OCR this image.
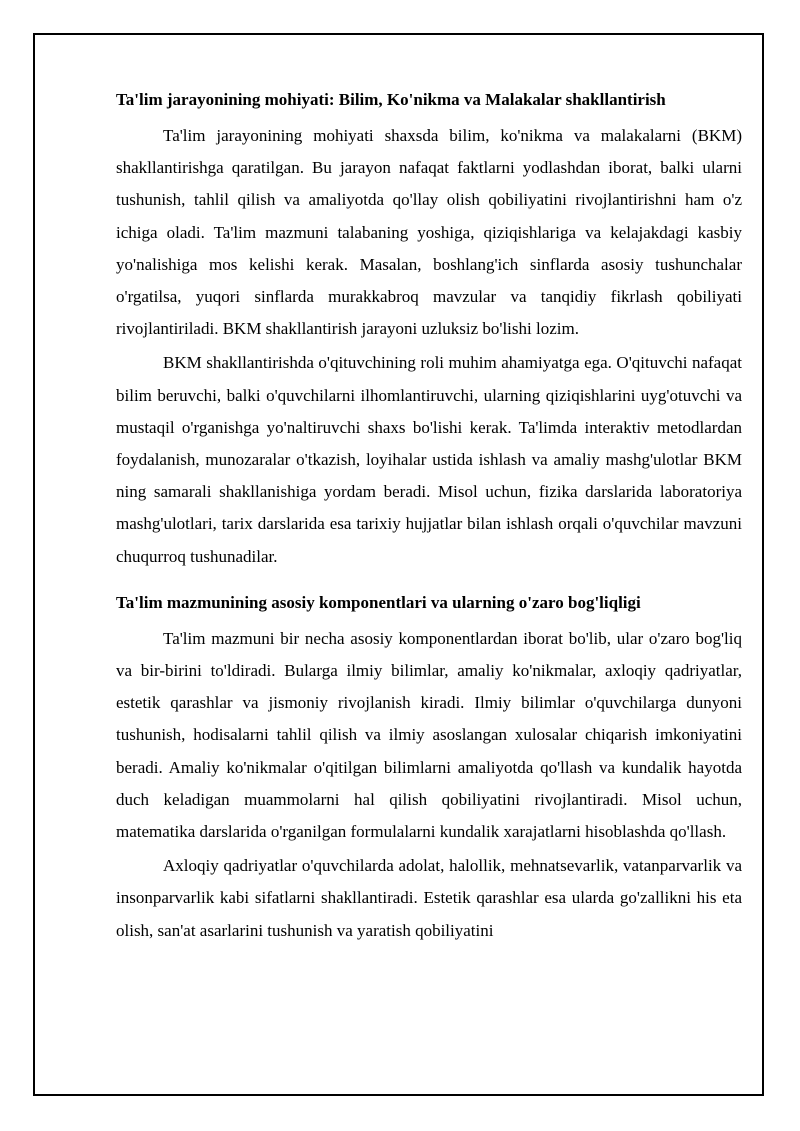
Ta'lim jarayonining mohiyati: Bilim, Ko'nikma va Malakalar shakllantirish

Ta'lim jarayonining mohiyati shaxsda bilim, ko'nikma va malakalarni (BKM) shakllantirishga qaratilgan. Bu jarayon nafaqat faktlarni yodlashdan iborat, balki ularni tushunish, tahlil qilish va amaliyotda qo'llay olish qobiliyatini rivojlantirishni ham o'z ichiga oladi. Ta'lim mazmuni talabaning yoshiga, qiziqishlariga va kelajakdagi kasbiy yo'nalishiga mos kelishi kerak. Masalan, boshlang'ich sinflarda asosiy tushunchalar o'rgatilsa, yuqori sinflarda murakkabroq mavzular va tanqidiy fikrlash qobiliyati rivojlantiriladi. BKM shakllantirish jarayoni uzluksiz bo'lishi lozim.

BKM shakllantirishda o'qituvchining roli muhim ahamiyatga ega. O'qituvchi nafaqat bilim beruvchi, balki o'quvchilarni ilhomlantiruvchi, ularning qiziqishlarini uyg'otuvchi va mustaqil o'rganishga yo'naltiruvchi shaxs bo'lishi kerak. Ta'limda interaktiv metodlardan foydalanish, munozaralar o'tkazish, loyihalar ustida ishlash va amaliy mashg'ulotlar BKM ning samarali shakllanishiga yordam beradi. Misol uchun, fizika darslarida laboratoriya mashg'ulotlari, tarix darslarida esa tarixiy hujjatlar bilan ishlash orqali o'quvchilar mavzuni chuqurroq tushunadilar.

Ta'lim mazmunining asosiy komponentlari va ularning o'zaro bog'liqligi

Ta'lim mazmuni bir necha asosiy komponentlardan iborat bo'lib, ular o'zaro bog'liq va bir-birini to'ldiradi. Bularga ilmiy bilimlar, amaliy ko'nikmalar, axloqiy qadriyatlar, estetik qarashlar va jismoniy rivojlanish kiradi. Ilmiy bilimlar o'quvchilarga dunyoni tushunish, hodisalarni tahlil qilish va ilmiy asoslangan xulosalar chiqarish imkoniyatini beradi. Amaliy ko'nikmalar o'qitilgan bilimlarni amaliyotda qo'llash va kundalik hayotda duch keladigan muammolarni hal qilish qobiliyatini rivojlantiradi. Misol uchun, matematika darslarida o'rganilgan formulalarni kundalik xarajatlarni hisoblashda qo'llash.

Axloqiy qadriyatlar o'quvchilarda adolat, halollik, mehnatsevarlik, vatanparvarlik va insonparvarlik kabi sifatlarni shakllantiradi. Estetik qarashlar esa ularda go'zallikni his eta olish, san'at asarlarini tushunish va yaratish qobiliyatini
